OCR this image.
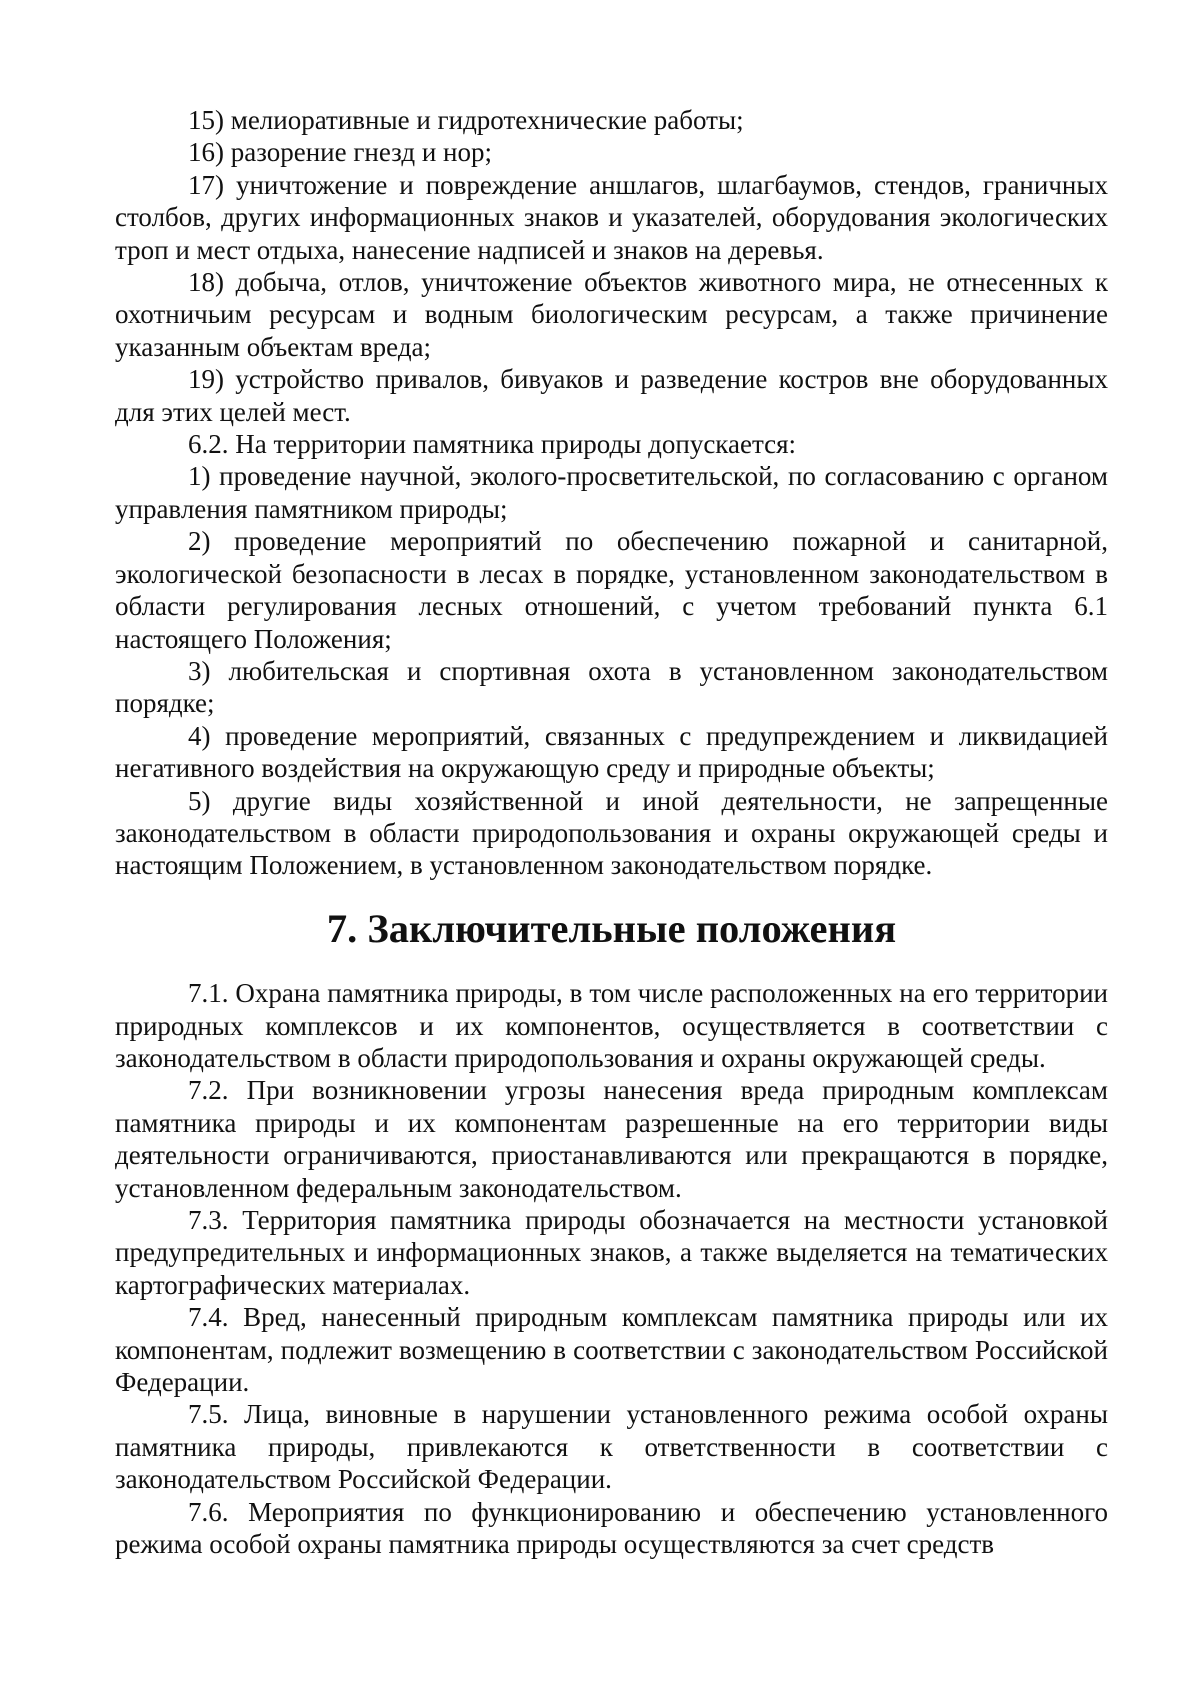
15) мелиоративные и гидротехнические работы;

16) разорение гнезд и нор;

17) уничтожение и повреждение аншлагов, шлагбаумов, стендов, граничных столбов, других информационных знаков и указателей, оборудования экологических троп и мест отдыха, нанесение надписей и знаков на деревья.

18) добыча, отлов, уничтожение объектов животного мира, не отнесенных к охотничьим ресурсам и водным биологическим ресурсам, а также причинение указанным объектам вреда;

19) устройство привалов, бивуаков и разведение костров вне оборудованных для этих целей мест.

6.2. На территории памятника природы допускается:

1) проведение научной, эколого-просветительской, по согласованию с органом управления памятником природы;

2) проведение мероприятий по обеспечению пожарной и санитарной, экологической безопасности в лесах в порядке, установленном законодательством в области регулирования лесных отношений, с учетом требований пункта 6.1 настоящего Положения;

3) любительская и спортивная охота в установленном законодательством порядке;

4) проведение мероприятий, связанных с предупреждением и ликвидацией негативного воздействия на окружающую среду и природные объекты;

5) другие виды хозяйственной и иной деятельности, не запрещенные законодательством в области природопользования и охраны окружающей среды и настоящим Положением, в установленном законодательством порядке.

7. Заключительные положения

7.1. Охрана памятника природы, в том числе расположенных на его территории природных комплексов и их компонентов, осуществляется в соответствии с законодательством в области природопользования и охраны окружающей среды.

7.2. При возникновении угрозы нанесения вреда природным комплексам памятника природы и их компонентам разрешенные на его территории виды деятельности ограничиваются, приостанавливаются или прекращаются в порядке, установленном федеральным законодательством.

7.3. Территория памятника природы обозначается на местности установкой предупредительных и информационных знаков, а также выделяется на тематических картографических материалах.

7.4. Вред, нанесенный природным комплексам памятника природы или их компонентам, подлежит возмещению в соответствии с законодательством Российской Федерации.

7.5. Лица, виновные в нарушении установленного режима особой охраны памятника природы, привлекаются к ответственности в соответствии с законодательством Российской Федерации.

7.6. Мероприятия по функционированию и обеспечению установленного режима особой охраны памятника природы осуществляются за счет средств
